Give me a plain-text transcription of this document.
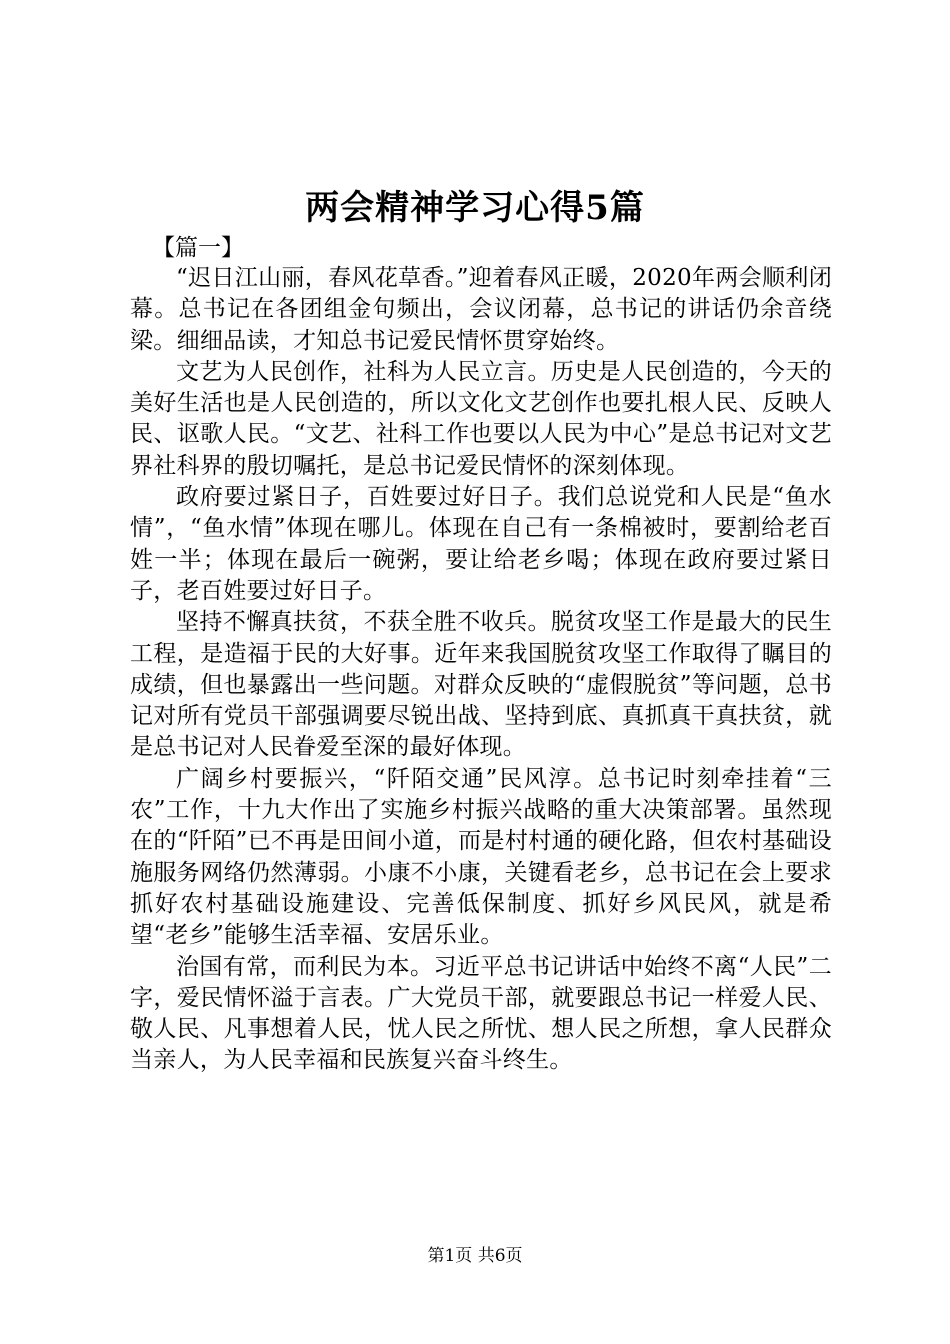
两会精神学习心得5篇
【篇一】

“迟日江山丽，春风花草香。”迎着春风正暖，2020年两会顺利闭幕。总书记在各团组金句频出，会议闭幕，总书记的讲话仍余音绕梁。细细品读，才知总书记爱民情怀贯穿始终。

文艺为人民创作，社科为人民立言。历史是人民创造的，今天的美好生活也是人民创造的，所以文化文艺创作也要扎根人民、反映人民、讴歌人民。“文艺、社科工作也要以人民为中心”是总书记对文艺界社科界的殷切嘱托，是总书记爱民情怀的深刻体现。

政府要过紧日子，百姓要过好日子。我们总说党和人民是“鱼水情”，“鱼水情”体现在哪儿。体现在自己有一条棉被时，要割给老百姓一半；体现在最后一碗粥，要让给老乡喝；体现在政府要过紧日子，老百姓要过好日子。

坚持不懈真扶贫，不获全胜不收兵。脱贫攻坚工作是最大的民生工程，是造福于民的大好事。近年来我国脱贫攻坚工作取得了瞩目的成绩，但也暴露出一些问题。对群众反映的“虚假脱贫”等问题，总书记对所有党员干部强调要尽锐出战、坚持到底、真抓真干真扶贫，就是总书记对人民眷爱至深的最好体现。

广阔乡村要振兴，“阡陌交通”民风淳。总书记时刻牵挂着“三农”工作，十九大作出了实施乡村振兴战略的重大决策部署。虽然现在的“阡陌”已不再是田间小道，而是村村通的硬化路，但农村基础设施服务网络仍然薄弱。小康不小康，关键看老乡，总书记在会上要求抓好农村基础设施建设、完善低保制度、抓好乡风民风，就是希望“老乡”能够生活幸福、安居乐业。

治国有常，而利民为本。习近平总书记讲话中始终不离“人民”二字，爱民情怀溢于言表。广大党员干部，就要跟总书记一样爱人民、敬人民、凡事想着人民，忧人民之所忧、想人民之所想，拿人民群众当亲人，为人民幸福和民族复兴奋斗终生。

第1页 共6页
